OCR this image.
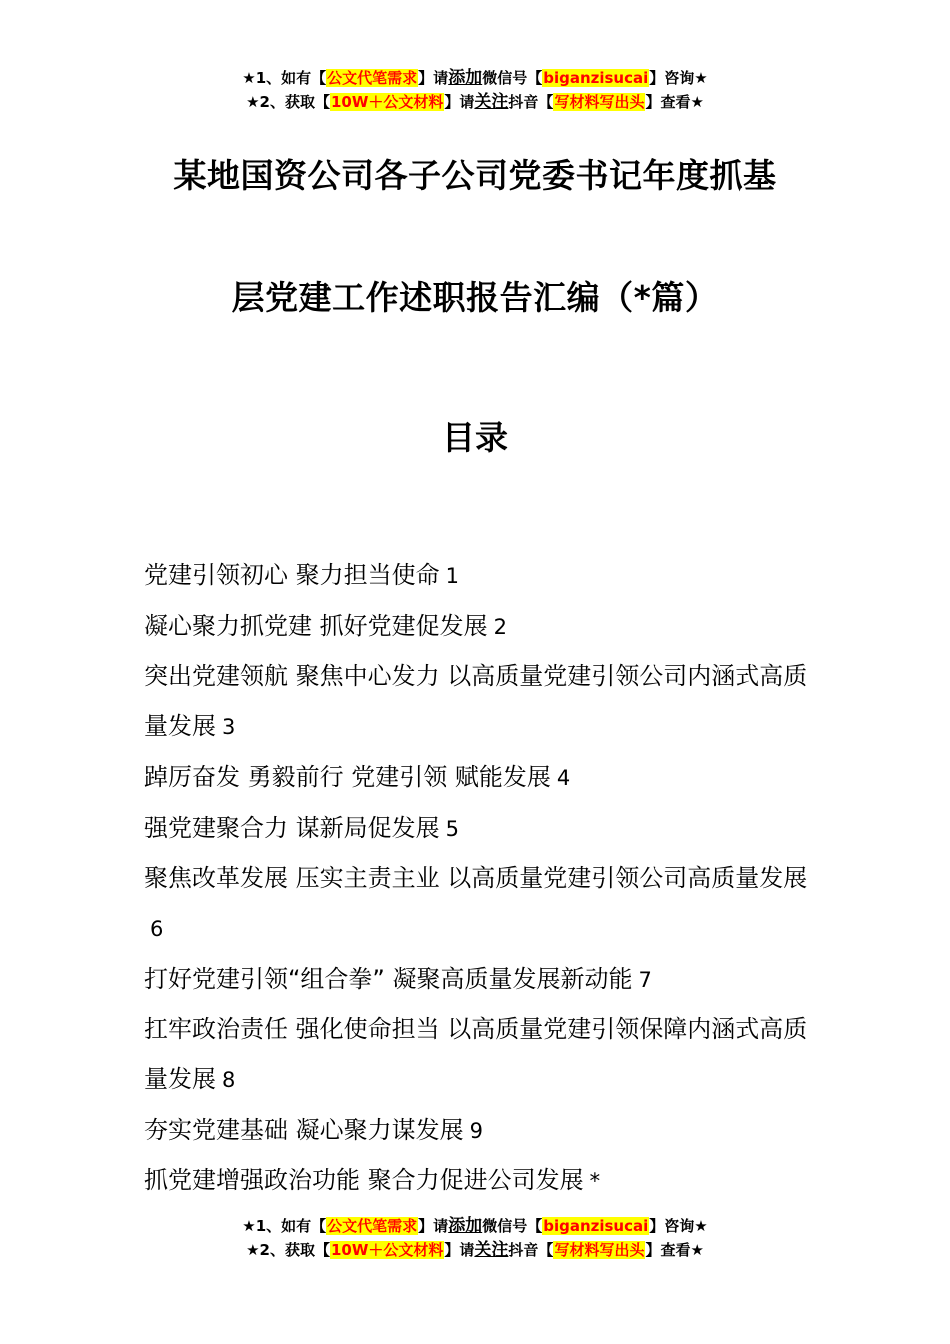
★1、如有【公文代笔需求】请添加微信号【biganzisucai】咨询★
★2、获取【10W＋公文材料】请关注抖音【写材料写出头】查看★
某地国资公司各子公司党委书记年度抓基
层党建工作述职报告汇编（*篇）
目录
党建引领初心 聚力担当使命 1
凝心聚力抓党建 抓好党建促发展 2
突出党建领航 聚焦中心发力 以高质量党建引领公司内涵式高质量发展 3
踔厉奋发 勇毅前行 党建引领 赋能发展 4
强党建聚合力 谋新局促发展 5
聚焦改革发展 压实主责主业 以高质量党建引领公司高质量发展6
打好党建引领“组合拳” 凝聚高质量发展新动能 7
扛牢政治责任 强化使命担当 以高质量党建引领保障内涵式高质量发展 8
夯实党建基础 凝心聚力谋发展 9
抓党建增强政治功能 聚合力促进公司发展 *
★1、如有【公文代笔需求】请添加微信号【biganzisucai】咨询★
★2、获取【10W＋公文材料】请关注抖音【写材料写出头】查看★
